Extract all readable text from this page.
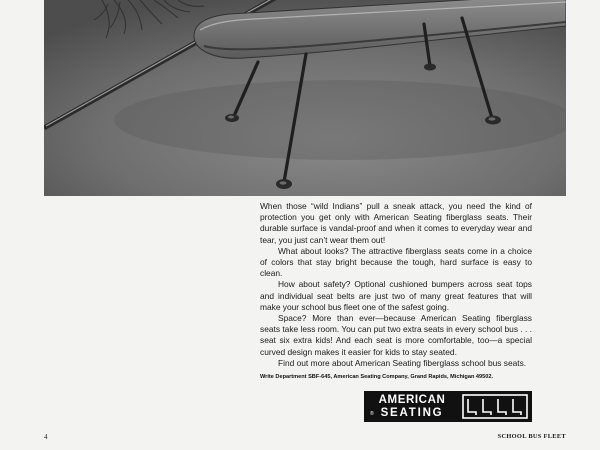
When those “wild Indians” pull a sneak attack, you need the kind of protection you get only with American Seating fiberglass seats. Their durable surface is vandal-proof and when it comes to everyday wear and tear, you just can’t wear them out!

What about looks? The attractive fiberglass seats come in a choice of colors that stay bright because the tough, hard surface is easy to clean.

How about safety? Optional cushioned bumpers across seat tops and individual seat belts are just two of many great features that will make your school bus fleet one of the safest going.

Space? More than ever—because American Seating fiberglass seats take less room. You can put two extra seats in every school bus . . . seat six extra kids! And each seat is more comfortable, too—a special curved design makes it easier for kids to stay seated.

Find out more about American Seating fiberglass school bus seats.

Write Department SBF-645, American Seating Company, Grand Rapids, Michigan 49502.
AMERICAN
SEATING
®
4	SCHOOL BUS FLEET
